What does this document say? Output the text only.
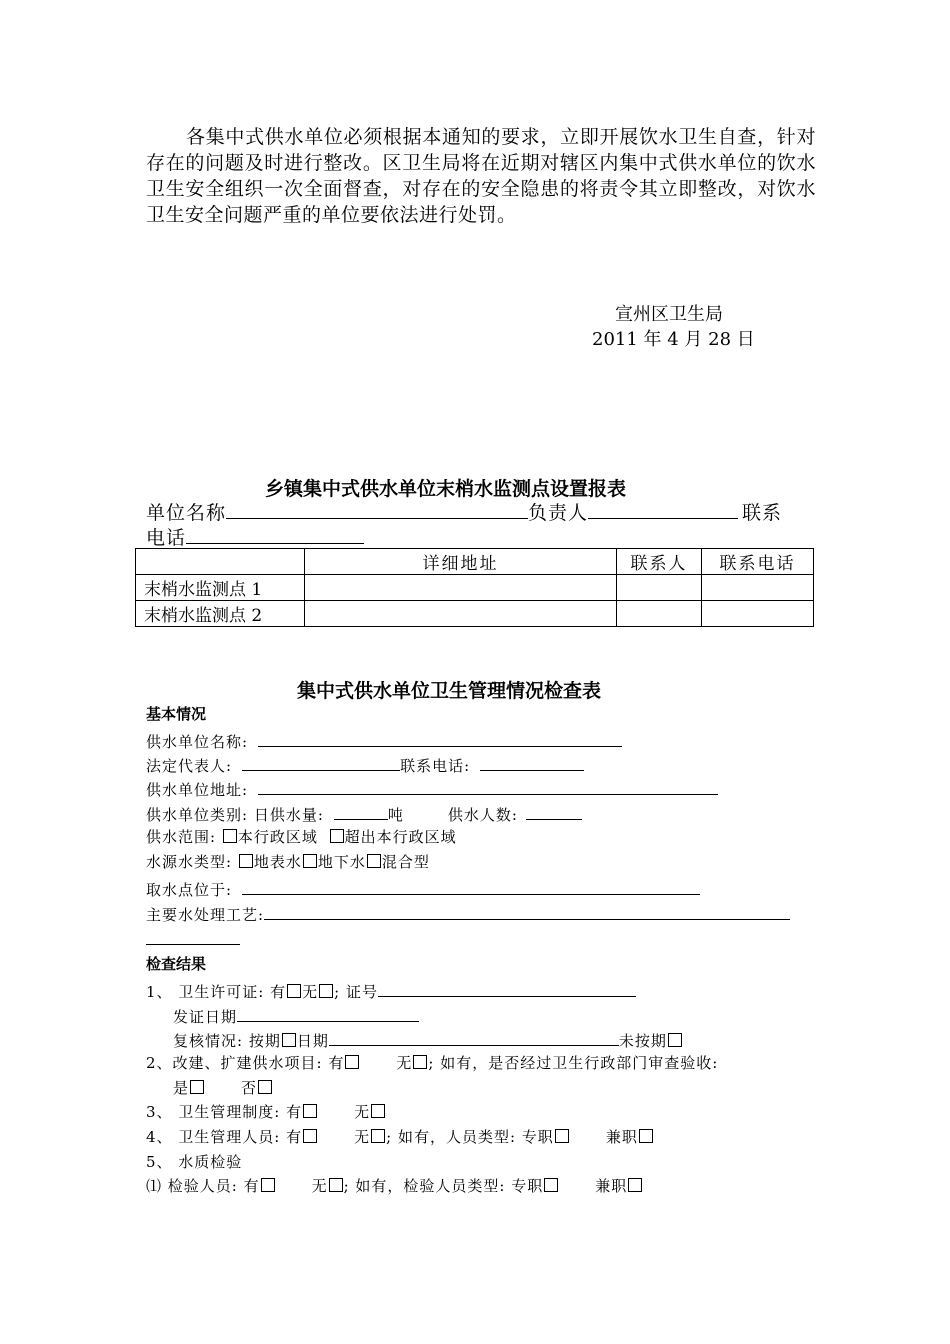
各集中式供水单位必须根据本通知的要求，立即开展饮水卫生自查，针对存在的问题及时进行整改。区卫生局将在近期对辖区内集中式供水单位的饮水卫生安全组织一次全面督查，对存在的安全隐患的将责令其立即整改，对饮水卫生安全问题严重的单位要依法进行处罚。
宣州区卫生局
2011 年 4 月 28 日
乡镇集中式供水单位末梢水监测点设置报表
单位名称	负责人	联系
电话
	详细地址	联系人	联系电话
末梢水监测点 1			
末梢水监测点 2			
集中式供水单位卫生管理情况检查表
基本情况
供水单位名称:
法定代表人:	联系电话:
供水单位地址:
供水单位类别: 日供水量:	吨	供水人数:
供水范围: 本行政区域 超出本行政区域
水源水类型: 地表水 地下水 混合型
取水点位于:
主要水处理工艺:
检查结果
1、 卫生许可证: 有 无 ; 证号
发证日期
复核情况: 按期 日期	未按期
2、改建、扩建供水项目: 有	无 ; 如有，是否经过卫生行政部门审查验收:
是	否
3、 卫生管理制度: 有	无
4、 卫生管理人员: 有	无 ; 如有，人员类型: 专职	兼职
5、 水质检验
⑴ 检验人员: 有	无 ; 如有，检验人员类型: 专职	兼职
